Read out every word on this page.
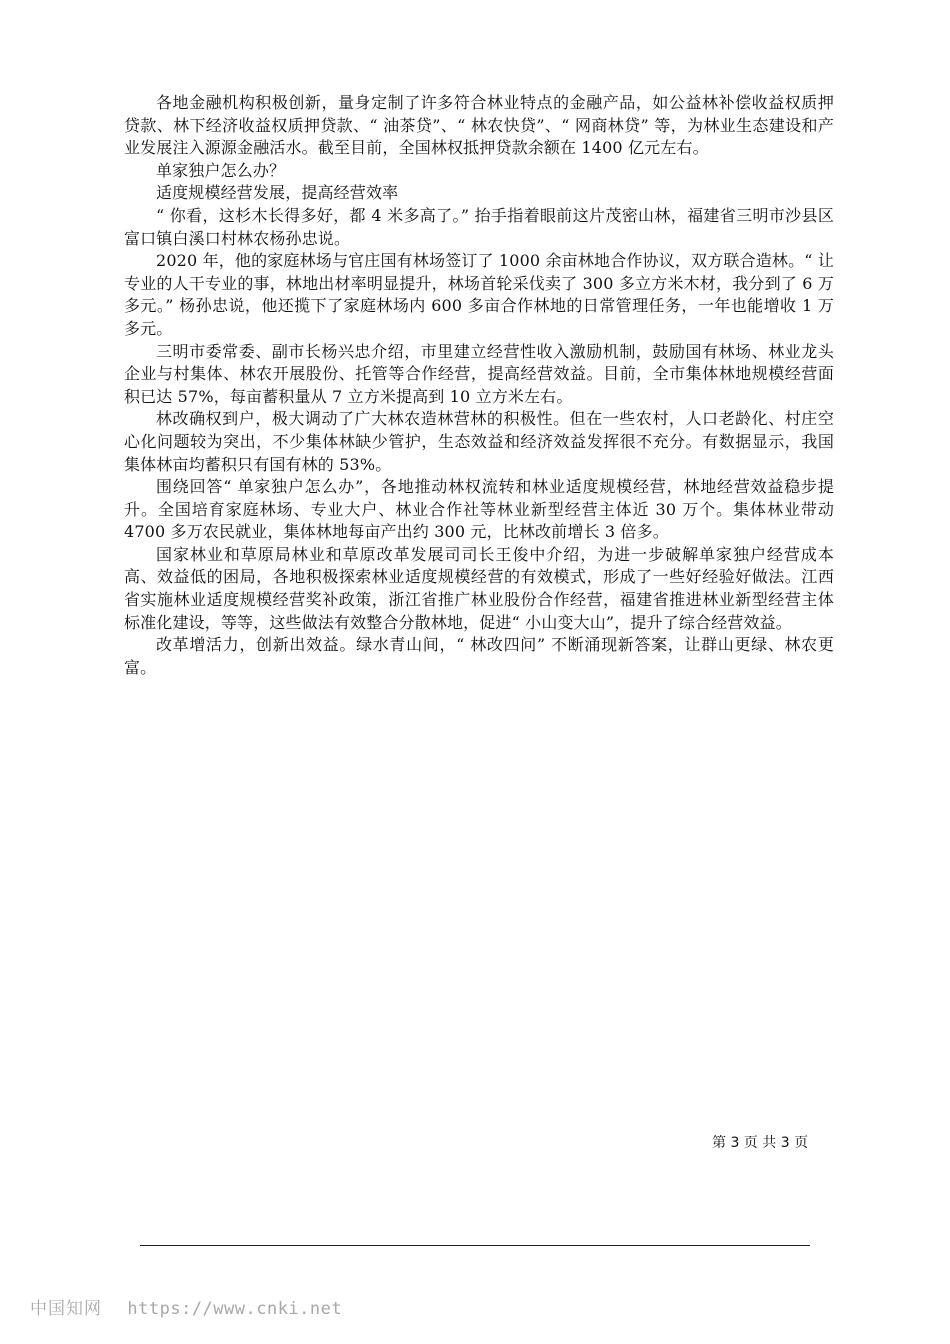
各地金融机构积极创新，量身定制了许多符合林业特点的金融产品，如公益林补偿收益权质押贷款、林下经济收益权质押贷款、“ 油茶贷”、“ 林农快贷”、“ 网商林贷” 等，为林业生态建设和产业发展注入源源金融活水。截至目前，全国林权抵押贷款余额在 1400 亿元左右。

单家独户怎么办？

适度规模经营发展，提高经营效率

“ 你看，这杉木长得多好，都 4 米多高了。” 抬手指着眼前这片茂密山林，福建省三明市沙县区富口镇白溪口村林农杨孙忠说。

2020 年，他的家庭林场与官庄国有林场签订了 1000 余亩林地合作协议，双方联合造林。“ 让专业的人干专业的事，林地出材率明显提升，林场首轮采伐卖了 300 多立方米木材，我分到了 6 万多元。” 杨孙忠说，他还揽下了家庭林场内 600 多亩合作林地的日常管理任务，一年也能增收 1 万多元。

三明市委常委、副市长杨兴忠介绍，市里建立经营性收入激励机制，鼓励国有林场、林业龙头企业与村集体、林农开展股份、托管等合作经营，提高经营效益。目前，全市集体林地规模经营面积已达 57%，每亩蓄积量从 7 立方米提高到 10 立方米左右。

林改确权到户，极大调动了广大林农造林营林的积极性。但在一些农村，人口老龄化、村庄空心化问题较为突出，不少集体林缺少管护，生态效益和经济效益发挥很不充分。有数据显示，我国集体林亩均蓄积只有国有林的 53%。

围绕回答“ 单家独户怎么办”，各地推动林权流转和林业适度规模经营，林地经营效益稳步提升。全国培育家庭林场、专业大户、林业合作社等林业新型经营主体近 30 万个。集体林业带动 4700 多万农民就业，集体林地每亩产出约 300 元，比林改前增长 3 倍多。

国家林业和草原局林业和草原改革发展司司长王俊中介绍，为进一步破解单家独户经营成本高、效益低的困局，各地积极探索林业适度规模经营的有效模式，形成了一些好经验好做法。江西省实施林业适度规模经营奖补政策，浙江省推广林业股份合作经营，福建省推进林业新型经营主体标准化建设，等等，这些做法有效整合分散林地，促进“ 小山变大山”，提升了综合经营效益。

改革增活力，创新出效益。绿水青山间，“ 林改四问” 不断涌现新答案，让群山更绿、林农更富。

第 3 页 共 3 页
中国知网 https://www.cnki.net
